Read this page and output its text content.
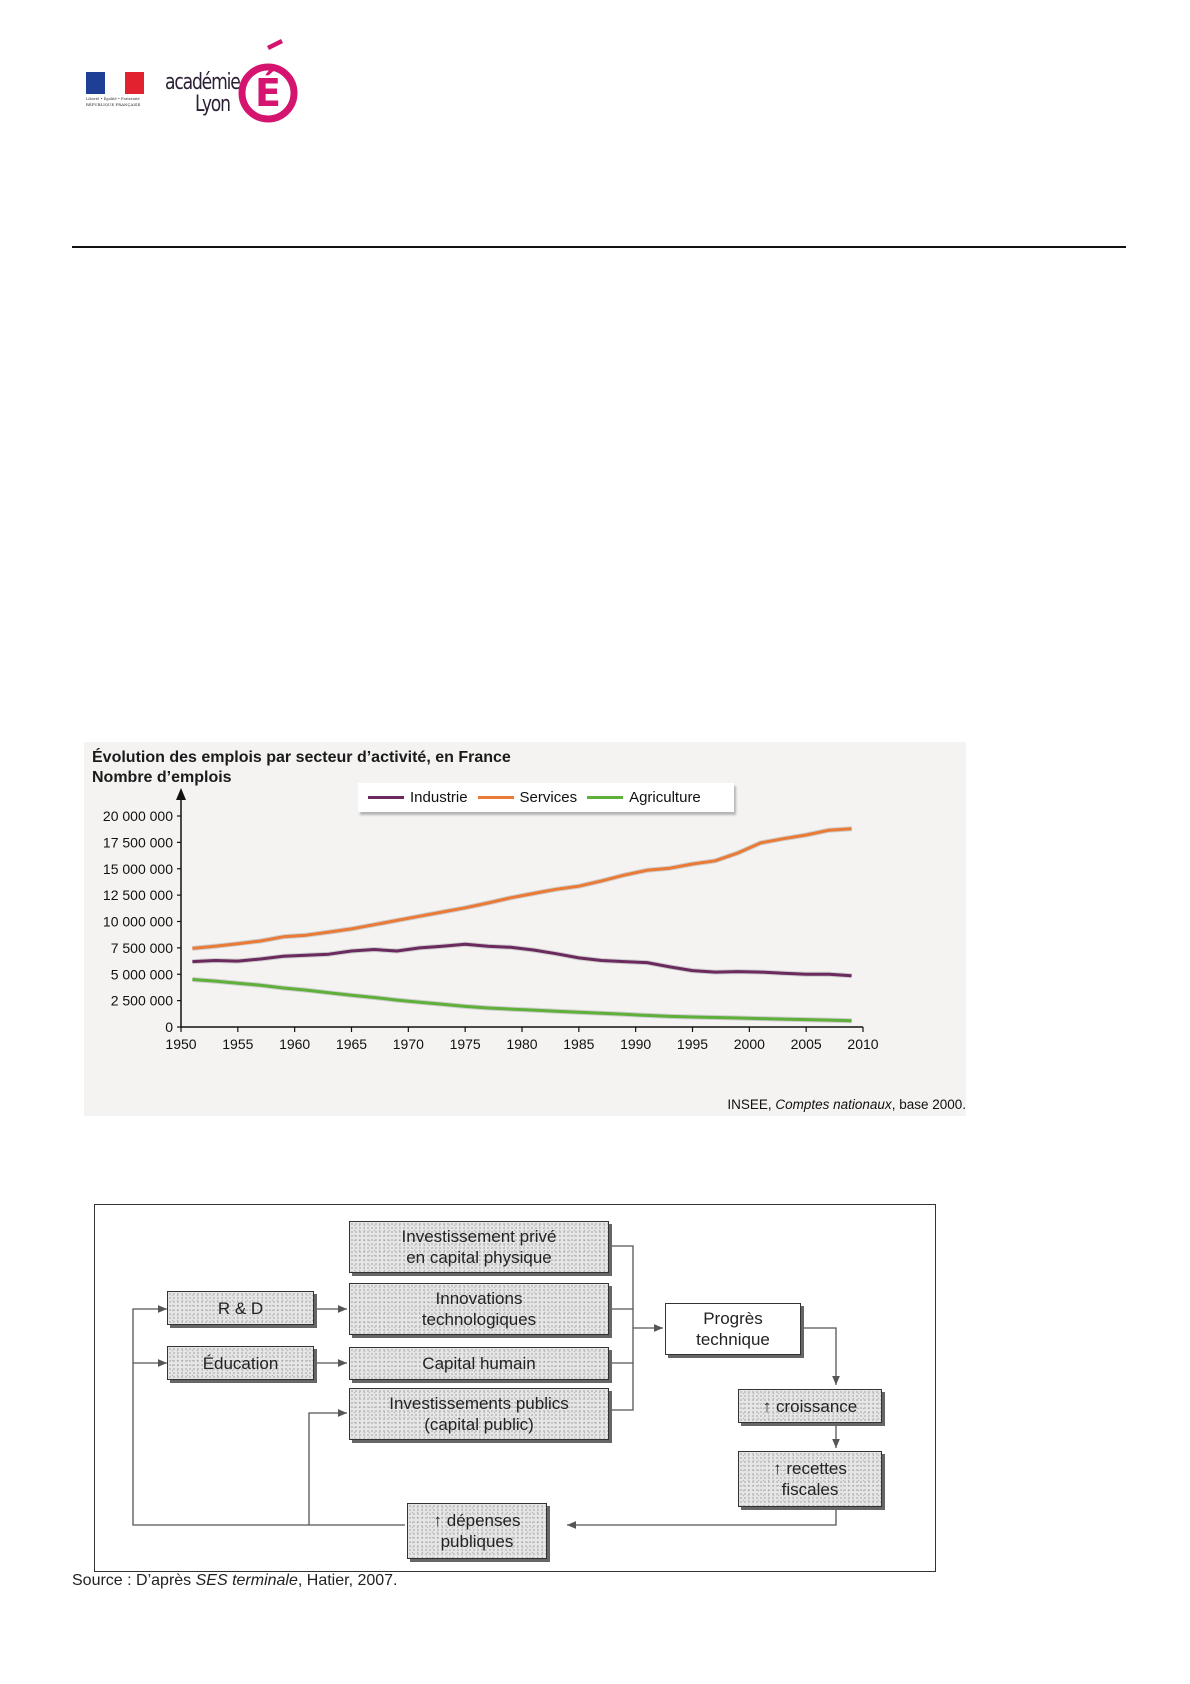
Liberté • Égalité • Fraternité
RÉPUBLIQUE FRANÇAISE
académie
Lyon É
Évolution des emplois par secteur d’activité, en France
Nombre d’emplois
0
2 500 000
5 000 000
7 500 000
10 000 000
12 500 000
15 000 000
17 500 000
20 000 000
1950 1955 1960 1965 1970 1975 1980 1985 1990 1995 2000 2005 2010
Industrie	Services	Agriculture
INSEE, Comptes nationaux, base 2000.
Investissement privé
en capital physique
R & D	Innovations
technologiques
Éducation	Capital humain
Investissements publics
(capital public)
Progrès
technique
↑ croissance
↑ recettes
fiscales
↑ dépenses
publiques
Source : D’après SES terminale, Hatier, 2007.
